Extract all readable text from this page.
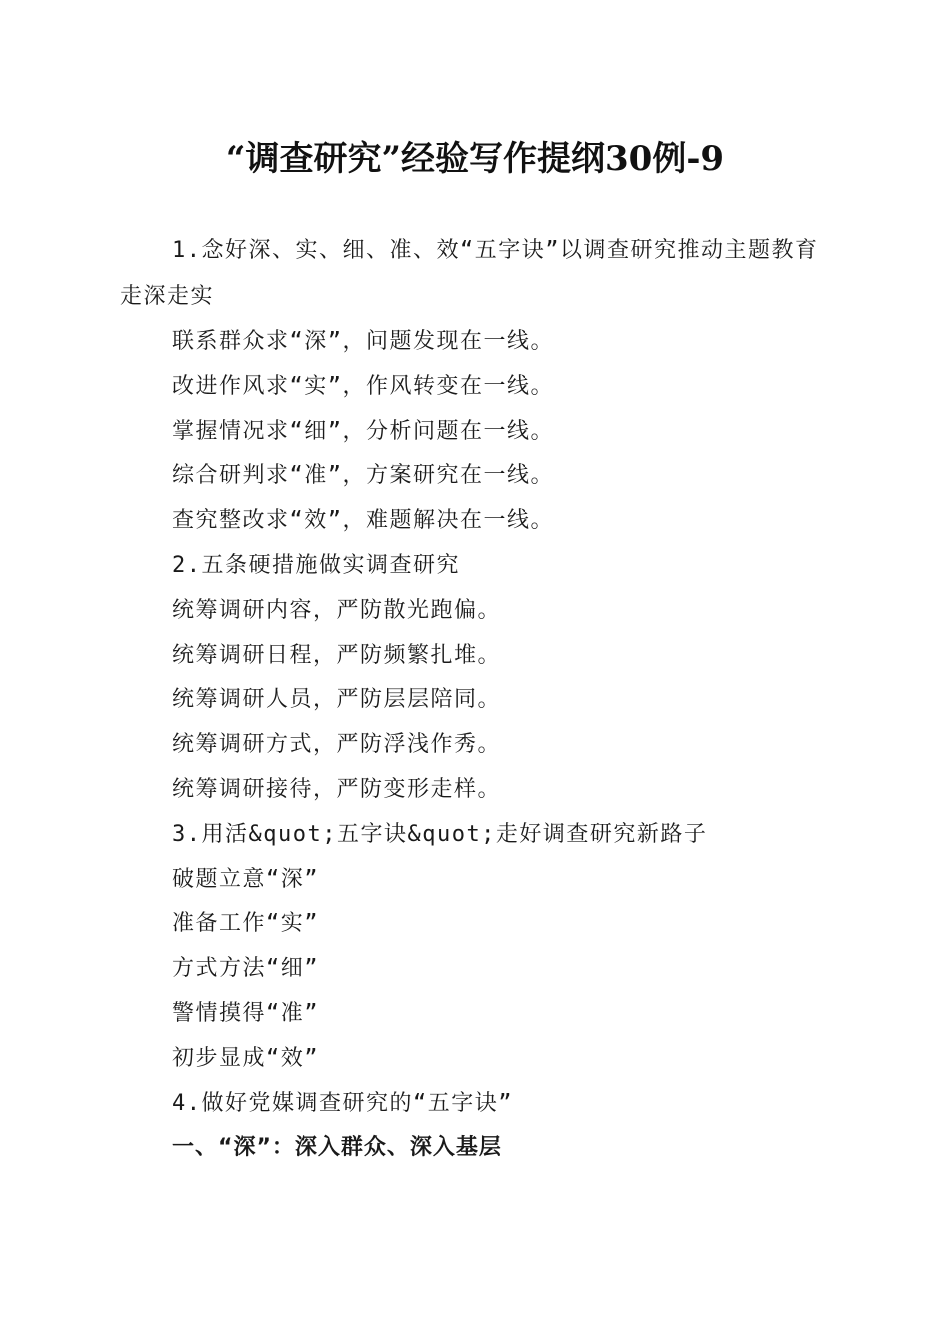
“调查研究”经验写作提纲30例-9

1.念好深、实、细、准、效“五字诀”以调查研究推动主题教育走深走实

联系群众求“深”，问题发现在一线。

改进作风求“实”，作风转变在一线。

掌握情况求“细”，分析问题在一线。

综合研判求“准”，方案研究在一线。

查究整改求“效”，难题解决在一线。

2.五条硬措施做实调查研究

统筹调研内容，严防散光跑偏。

统筹调研日程，严防频繁扎堆。

统筹调研人员，严防层层陪同。

统筹调研方式，严防浮浅作秀。

统筹调研接待，严防变形走样。

3.用活&quot;五字诀&quot;走好调查研究新路子

破题立意“深”

准备工作“实”

方式方法“细”

警情摸得“准”

初步显成“效”

4.做好党媒调查研究的“五字诀”

一、“深”：深入群众、深入基层
